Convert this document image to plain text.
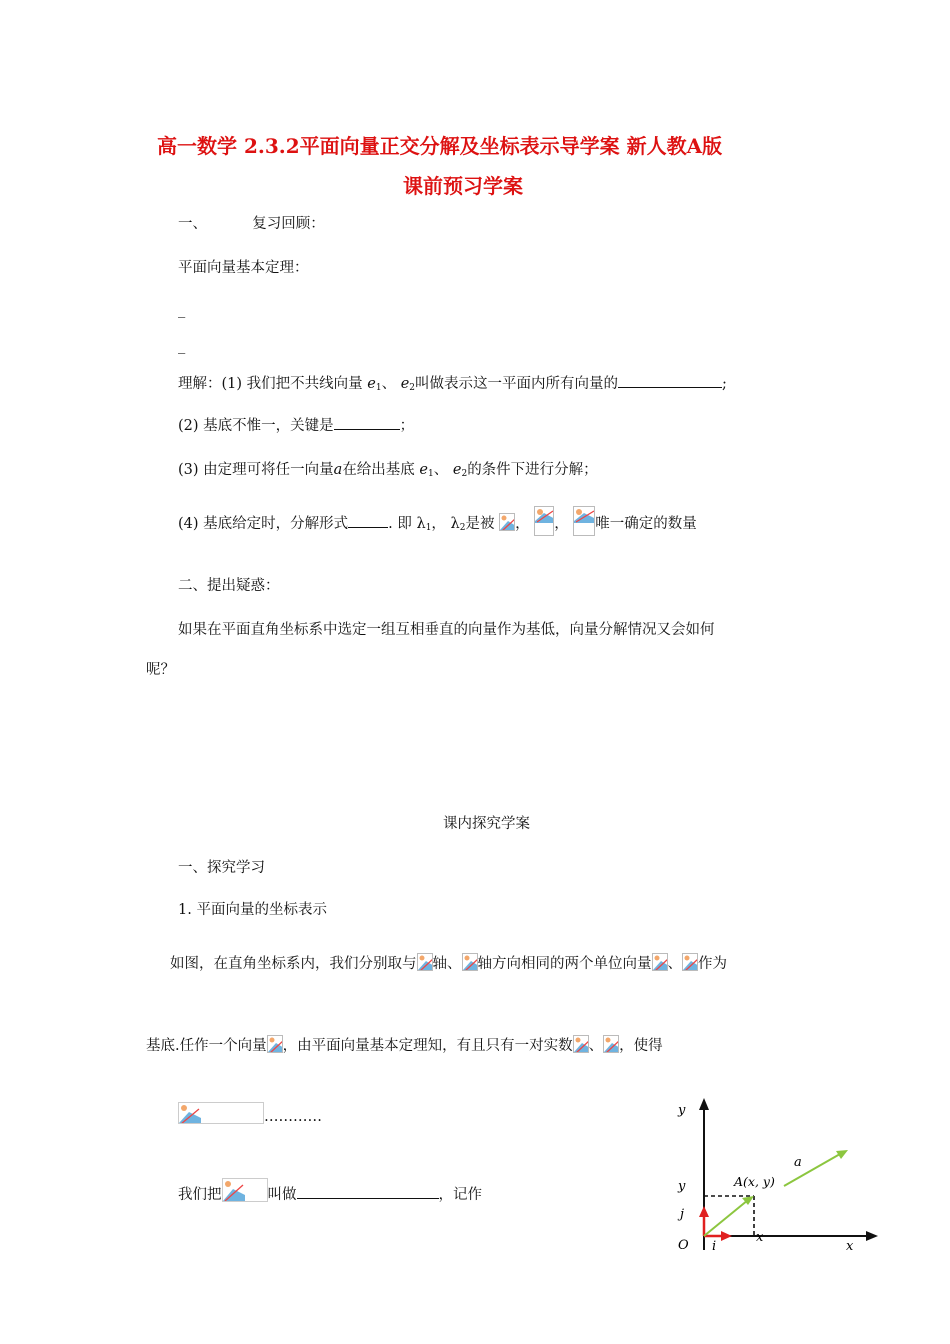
高一数学 2.3.2平面向量正交分解及坐标表示导学案 新人教A版
课前预习学案
一、	复习回顾：
平面向量基本定理：
_
_
理解：(1) 我们把不共线向量 $e_1$、 $e_2$叫做表示这一平面内所有向量的	;
(2) 基底不惟一，关键是	；
(3) 由定理可将任一向量a在给出基底 $e_1$、 $e_2$的条件下进行分解；
(4) 基底给定时，分解形式	. 即 $\lambda_1$， $\lambda_2$是被 ， ， 唯一确定的数量
二、提出疑惑：
如果在平面直角坐标系中选定一组互相垂直的向量作为基低，向量分解情况又会如何
呢？
课内探究学案
一、探究学习
1. 平面向量的坐标表示
如图，在直角坐标系内，我们分别取与 轴、 轴方向相同的两个单位向量 、 作为
基底.任作一个向量 ，由平面向量基本定理知，有且只有一对实数 、 ，使得
…………
我们把	叫做	，记作
y
x
O
j
i
y
x
A(x, y)
a
